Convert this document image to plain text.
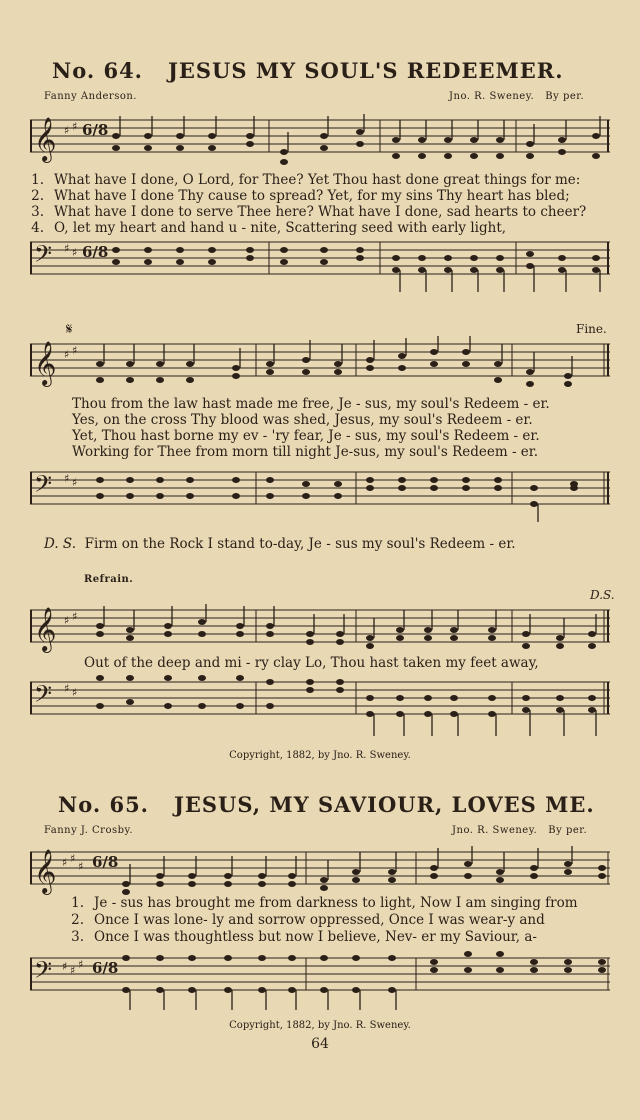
No. 64. JESUS MY SOUL'S REDEEMER.
Fanny Anderson.	Jno. R. Sweney. By per.
𝄞 ♯ ♯ 6/8
1. What have I done, O Lord, for Thee? Yet Thou hast done great things for me:
2. What have I done Thy cause to spread? Yet, for my sins Thy heart has bled;
3. What have I done to serve Thee here? What have I done, sad hearts to cheer?
4. O, let my heart and hand u - nite, Scattering seed with early light,
𝄢 ♯ ♯ 6/8
𝄋	Fine.
𝄞 ♯ ♯
Thou from the law hast made me free, Je - sus, my soul's Redeem - er.
Yes, on the cross Thy blood was shed, Jesus, my soul's Redeem - er.
Yet, Thou hast borne my ev - 'ry fear, Je - sus, my soul's Redeem - er.
Working for Thee from morn till night Je-sus, my soul's Redeem - er.
𝄢 ♯ ♯
D. S. Firm on the Rock I stand to-day, Je - sus my soul's Redeem - er.
Refrain.
D.S.
𝄞 ♯ ♯
Out of the deep and mi - ry clay Lo, Thou hast taken my feet away,
𝄢 ♯ ♯
Copyright, 1882, by Jno. R. Sweney.
No. 65. JESUS, MY SAVIOUR, LOVES ME.
Fanny J. Crosby.	Jno. R. Sweney. By per.
𝄞 ♯ ♯
♯ 6/8
1. Je - sus has brought me from darkness to light, Now I am singing from
2. Once I was lone- ly and sorrow oppressed, Once I was wear-y and
3. Once I was thoughtless but now I believe, Nev- er my Saviour, a-
𝄢 ♯ ♯ ♯ 6/8
Copyright, 1882, by Jno. R. Sweney.
64
